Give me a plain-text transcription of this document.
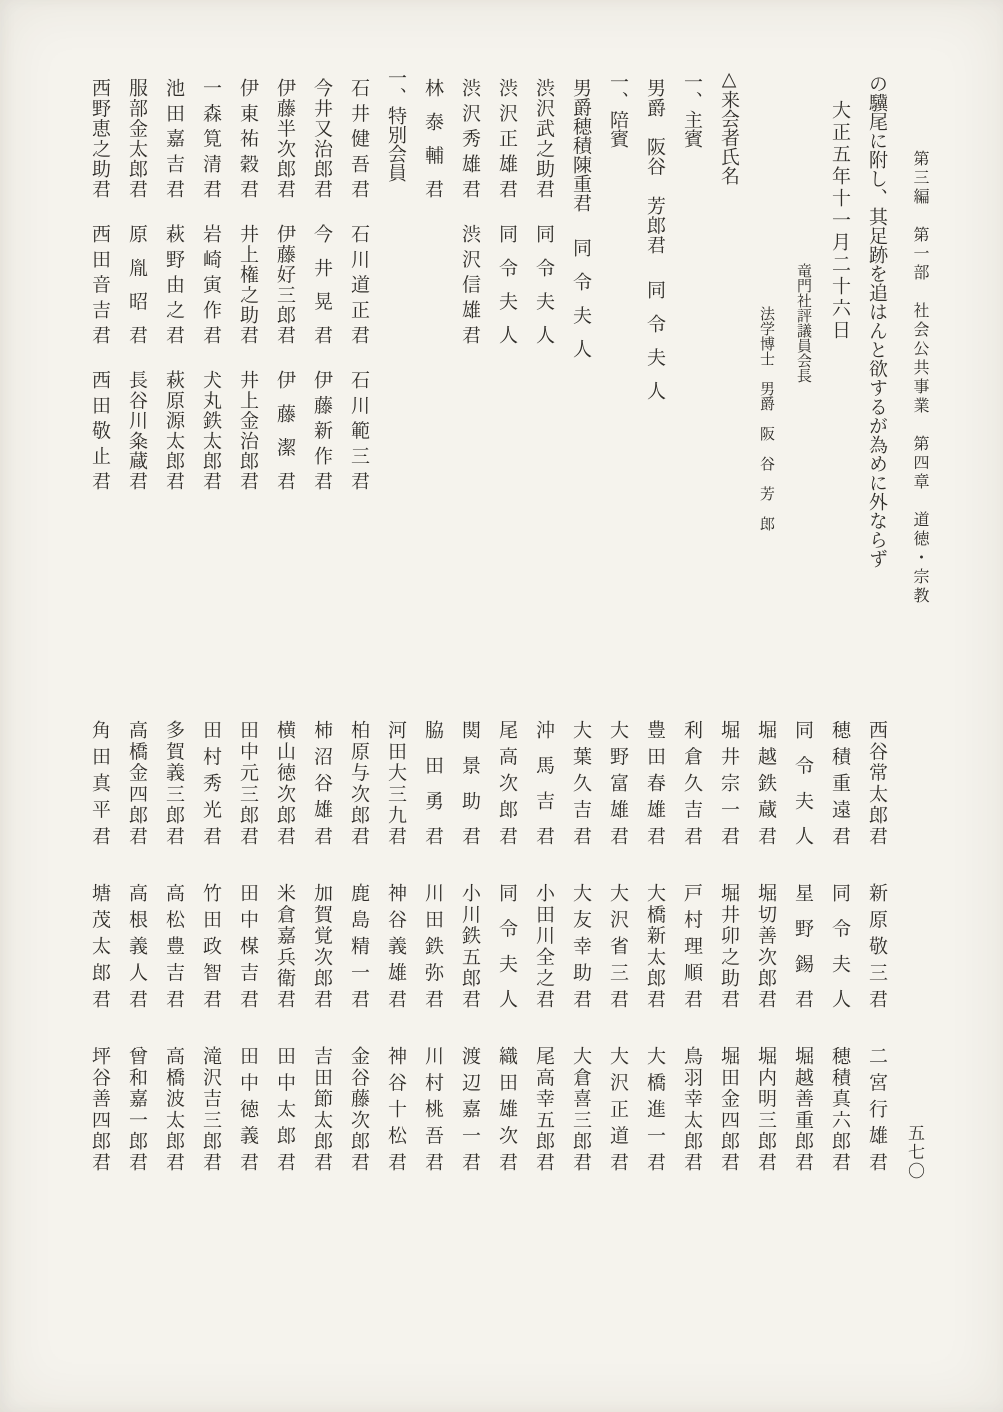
第三編　第一部　社会公共事業　第四章　道徳・宗教
の驥尾に附し、其足跡を追はんと欲するが為めに外ならず
大正五年十一月二十六日
竜門社評議員会長
法学博士　男爵　阪　谷　芳　郎
△来会者氏名
一、主賓
男爵　阪谷　芳郎君同令夫人
一、陪賓
男爵穂積陳重君同令夫人
渋沢武之助君同令夫人
渋沢正雄君同令夫人
渋沢秀雄君渋沢信雄君
林泰輔君
一、特別会員
石井健吾君石川道正君石川範三君
今井又治郎君今井晃君伊藤新作君
伊藤半次郎君伊藤好三郎君伊藤潔君
伊東祐穀君井上権之助君井上金治郎君
一森筧清君岩崎寅作君犬丸鉄太郎君
池田嘉吉君萩野由之君萩原源太郎君
服部金太郎君原胤昭君長谷川粂蔵君
西野恵之助君西田音吉君西田敬止君
西谷常太郎君新原敬三君二宮行雄君
穂積重遠君同令夫人穂積真六郎君
同令夫人星野錫君堀越善重郎君
堀越鉄蔵君堀切善次郎君堀内明三郎君
堀井宗一君堀井卯之助君堀田金四郎君
利倉久吉君戸村理順君鳥羽幸太郎君
豊田春雄君大橋新太郎君大橋進一君
大野富雄君大沢省三君大沢正道君
大葉久吉君大友幸助君大倉喜三郎君
沖馬吉君小田川全之君尾高幸五郎君
尾高次郎君同令夫人織田雄次君
関景助君小川鉄五郎君渡辺嘉一君
脇田勇君川田鉄弥君川村桃吾君
河田大三九君神谷義雄君神谷十松君
柏原与次郎君鹿島精一君金谷藤次郎君
柿沼谷雄君加賀覚次郎君吉田節太郎君
横山徳次郎君米倉嘉兵衛君田中太郎君
田中元三郎君田中楳吉君田中徳義君
田村秀光君竹田政智君滝沢吉三郎君
多賀義三郎君高松豊吉君高橋波太郎君
高橋金四郎君高根義人君曾和嘉一郎君
角田真平君塘茂太郎君坪谷善四郎君	五七〇
